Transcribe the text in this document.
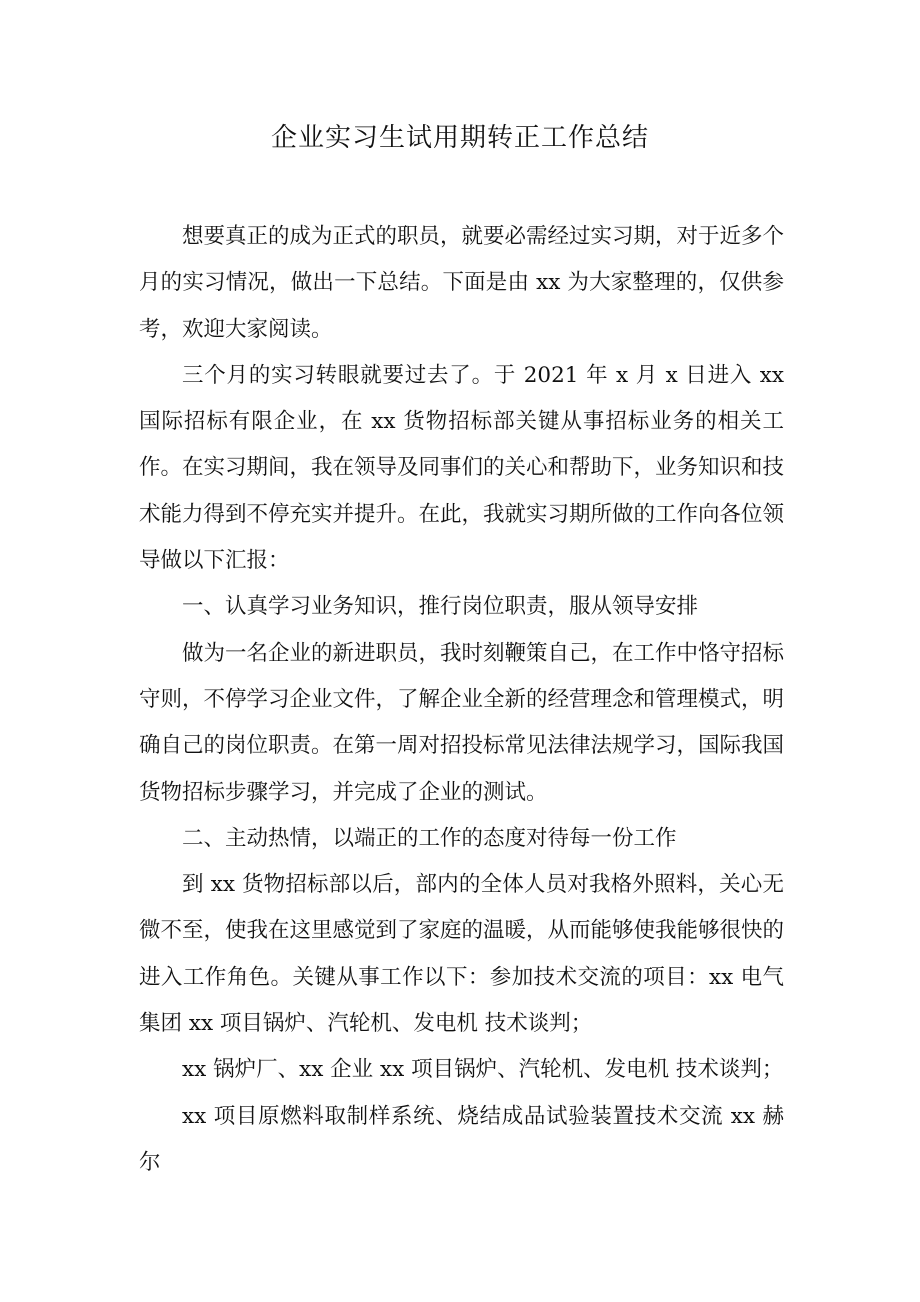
企业实习生试用期转正工作总结

想要真正的成为正式的职员，就要必需经过实习期，对于近多个月的实习情况，做出一下总结。下面是由 xx 为大家整理的，仅供参考，欢迎大家阅读。

三个月的实习转眼就要过去了。于 2021 年 x 月 x 日进入 xx 国际招标有限企业，在 xx 货物招标部关键从事招标业务的相关工作。在实习期间，我在领导及同事们的关心和帮助下，业务知识和技术能力得到不停充实并提升。在此，我就实习期所做的工作向各位领导做以下汇报：

一、认真学习业务知识，推行岗位职责，服从领导安排

做为一名企业的新进职员，我时刻鞭策自己，在工作中恪守招标守则，不停学习企业文件，了解企业全新的经营理念和管理模式，明确自己的岗位职责。在第一周对招投标常见法律法规学习，国际我国货物招标步骤学习，并完成了企业的测试。

二、主动热情，以端正的工作的态度对待每一份工作

到 xx 货物招标部以后，部内的全体人员对我格外照料，关心无微不至，使我在这里感觉到了家庭的温暖，从而能够使我能够很快的进入工作角色。关键从事工作以下：参加技术交流的项目：xx 电气集团 xx 项目锅炉、汽轮机、发电机 技术谈判；

xx 锅炉厂、xx 企业 xx 项目锅炉、汽轮机、发电机 技术谈判；

xx 项目原燃料取制样系统、烧结成品试验装置技术交流 xx 赫尔
